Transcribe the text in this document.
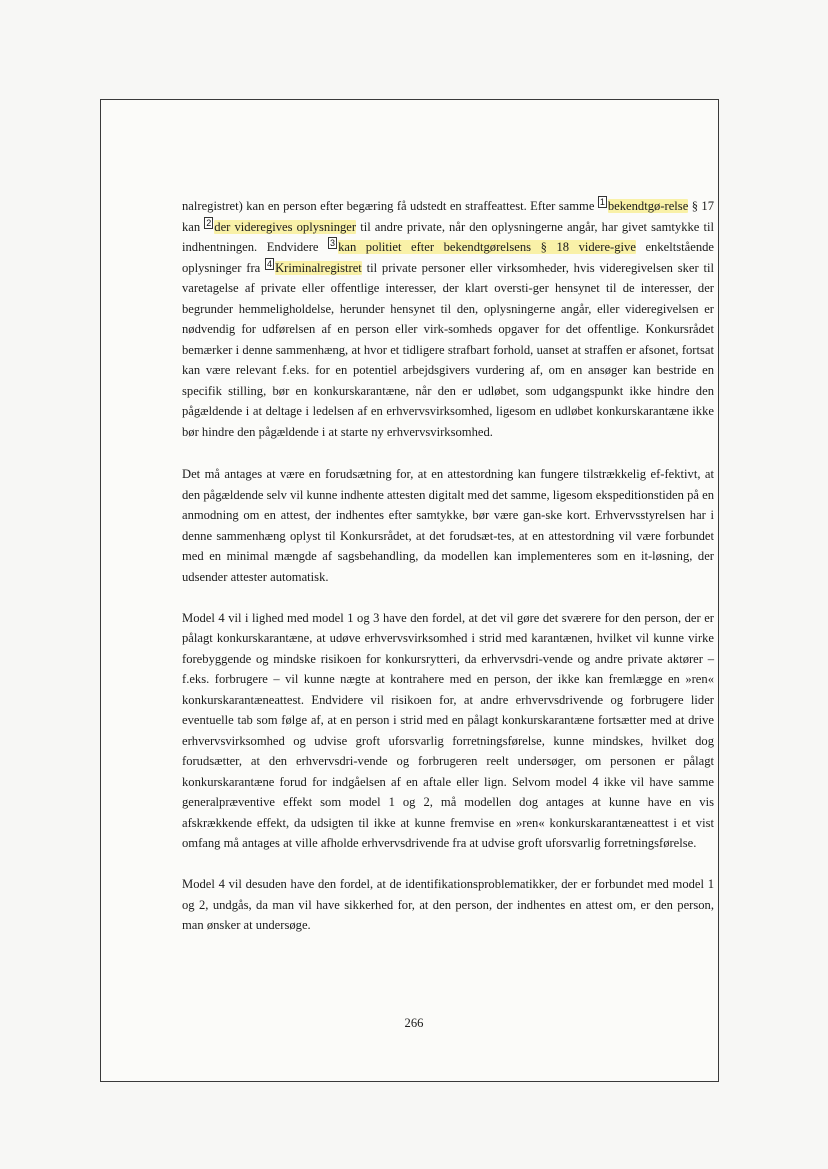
nalregistret) kan en person efter begæring få udstedt en straffeattest. Efter samme 1 bekendtgø-relse § 17 kan 2 der videregives oplysninger til andre private, når den oplysningerne angår, har givet samtykke til indhentningen. Endvidere 3 kan politiet efter bekendtgørelsens § 18 videre-give enkeltstående oplysninger fra 4 Kriminalregistret til private personer eller virksomheder, hvis videregivelsen sker til varetagelse af private eller offentlige interesser, der klart oversti-ger hensynet til de interesser, der begrunder hemmeligholdelse, herunder hensynet til den, oplysningerne angår, eller videregivelsen er nødvendig for udførelsen af en person eller virk-somheds opgaver for det offentlige. Konkursrådet bemærker i denne sammenhæng, at hvor et tidligere strafbart forhold, uanset at straffen er afsonet, fortsat kan være relevant f.eks. for en potentiel arbejdsgivers vurdering af, om en ansøger kan bestride en specifik stilling, bør en konkurskarantæne, når den er udløbet, som udgangspunkt ikke hindre den pågældende i at deltage i ledelsen af en erhvervsvirksomhed, ligesom en udløbet konkurskarantæne ikke bør hindre den pågældende i at starte ny erhvervsvirksomhed.

Det må antages at være en forudsætning for, at en attestordning kan fungere tilstrækkelig ef-fektivt, at den pågældende selv vil kunne indhente attesten digitalt med det samme, ligesom ekspeditionstiden på en anmodning om en attest, der indhentes efter samtykke, bør være gan-ske kort. Erhvervsstyrelsen har i denne sammenhæng oplyst til Konkursrådet, at det forudsæt-tes, at en attestordning vil være forbundet med en minimal mængde af sagsbehandling, da modellen kan implementeres som en it-løsning, der udsender attester automatisk.

Model 4 vil i lighed med model 1 og 3 have den fordel, at det vil gøre det sværere for den person, der er pålagt konkurskarantæne, at udøve erhvervsvirksomhed i strid med karantænen, hvilket vil kunne virke forebyggende og mindske risikoen for konkursrytteri, da erhvervsdri-vende og andre private aktører – f.eks. forbrugere – vil kunne nægte at kontrahere med en person, der ikke kan fremlægge en »ren« konkurskarantæneattest. Endvidere vil risikoen for, at andre erhvervsdrivende og forbrugere lider eventuelle tab som følge af, at en person i strid med en pålagt konkurskarantæne fortsætter med at drive erhvervsvirksomhed og udvise groft uforsvarlig forretningsførelse, kunne mindskes, hvilket dog forudsætter, at den erhvervsdri-vende og forbrugeren reelt undersøger, om personen er pålagt konkurskarantæne forud for indgåelsen af en aftale eller lign. Selvom model 4 ikke vil have samme generalpræventive effekt som model 1 og 2, må modellen dog antages at kunne have en vis afskrækkende effekt, da udsigten til ikke at kunne fremvise en »ren« konkurskarantæneattest i et vist omfang må antages at ville afholde erhvervsdrivende fra at udvise groft uforsvarlig forretningsførelse.

Model 4 vil desuden have den fordel, at de identifikationsproblematikker, der er forbundet med model 1 og 2, undgås, da man vil have sikkerhed for, at den person, der indhentes en attest om, er den person, man ønsker at undersøge.

266
